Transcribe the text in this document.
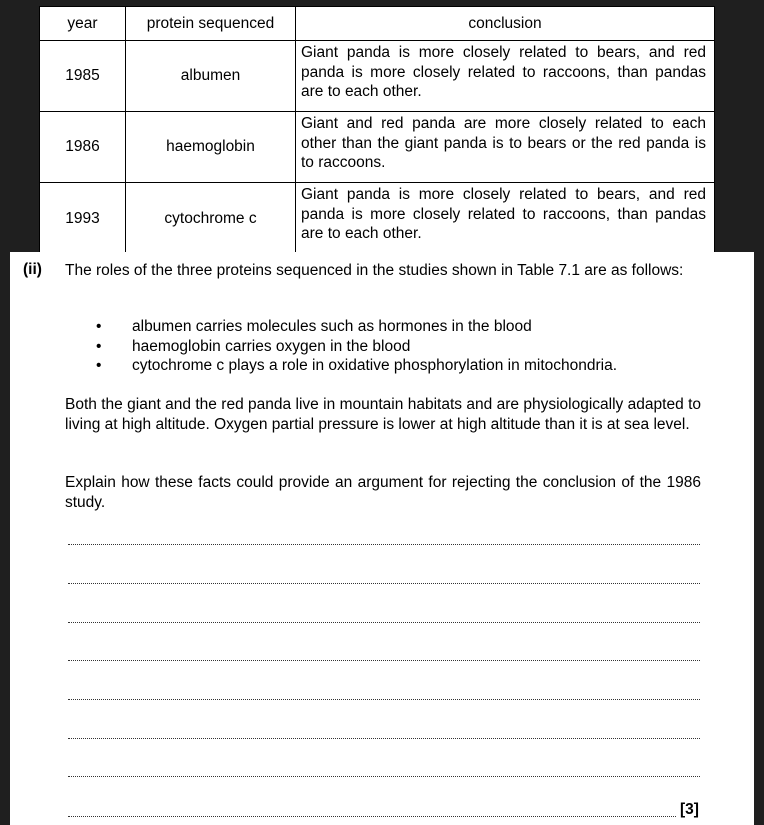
year	protein sequenced	conclusion
1985	albumen	Giant panda is more closely related to bears, and red panda is more closely related to raccoons, than pandas are to each other.
1986	haemoglobin	Giant and red panda are more closely related to each other than the giant panda is to bears or the red panda is to raccoons.
1993	cytochrome c	Giant panda is more closely related to bears, and red panda is more closely related to raccoons, than pandas are to each other.
(ii) The roles of the three proteins sequenced in the studies shown in Table 7.1 are as follows:
• albumen carries molecules such as hormones in the blood
• haemoglobin carries oxygen in the blood
• cytochrome c plays a role in oxidative phosphorylation in mitochondria.
Both the giant and the red panda live in mountain habitats and are physiologically adapted to living at high altitude. Oxygen partial pressure is lower at high altitude than it is at sea level.
Explain how these facts could provide an argument for rejecting the conclusion of the 1986 study.
[3]
